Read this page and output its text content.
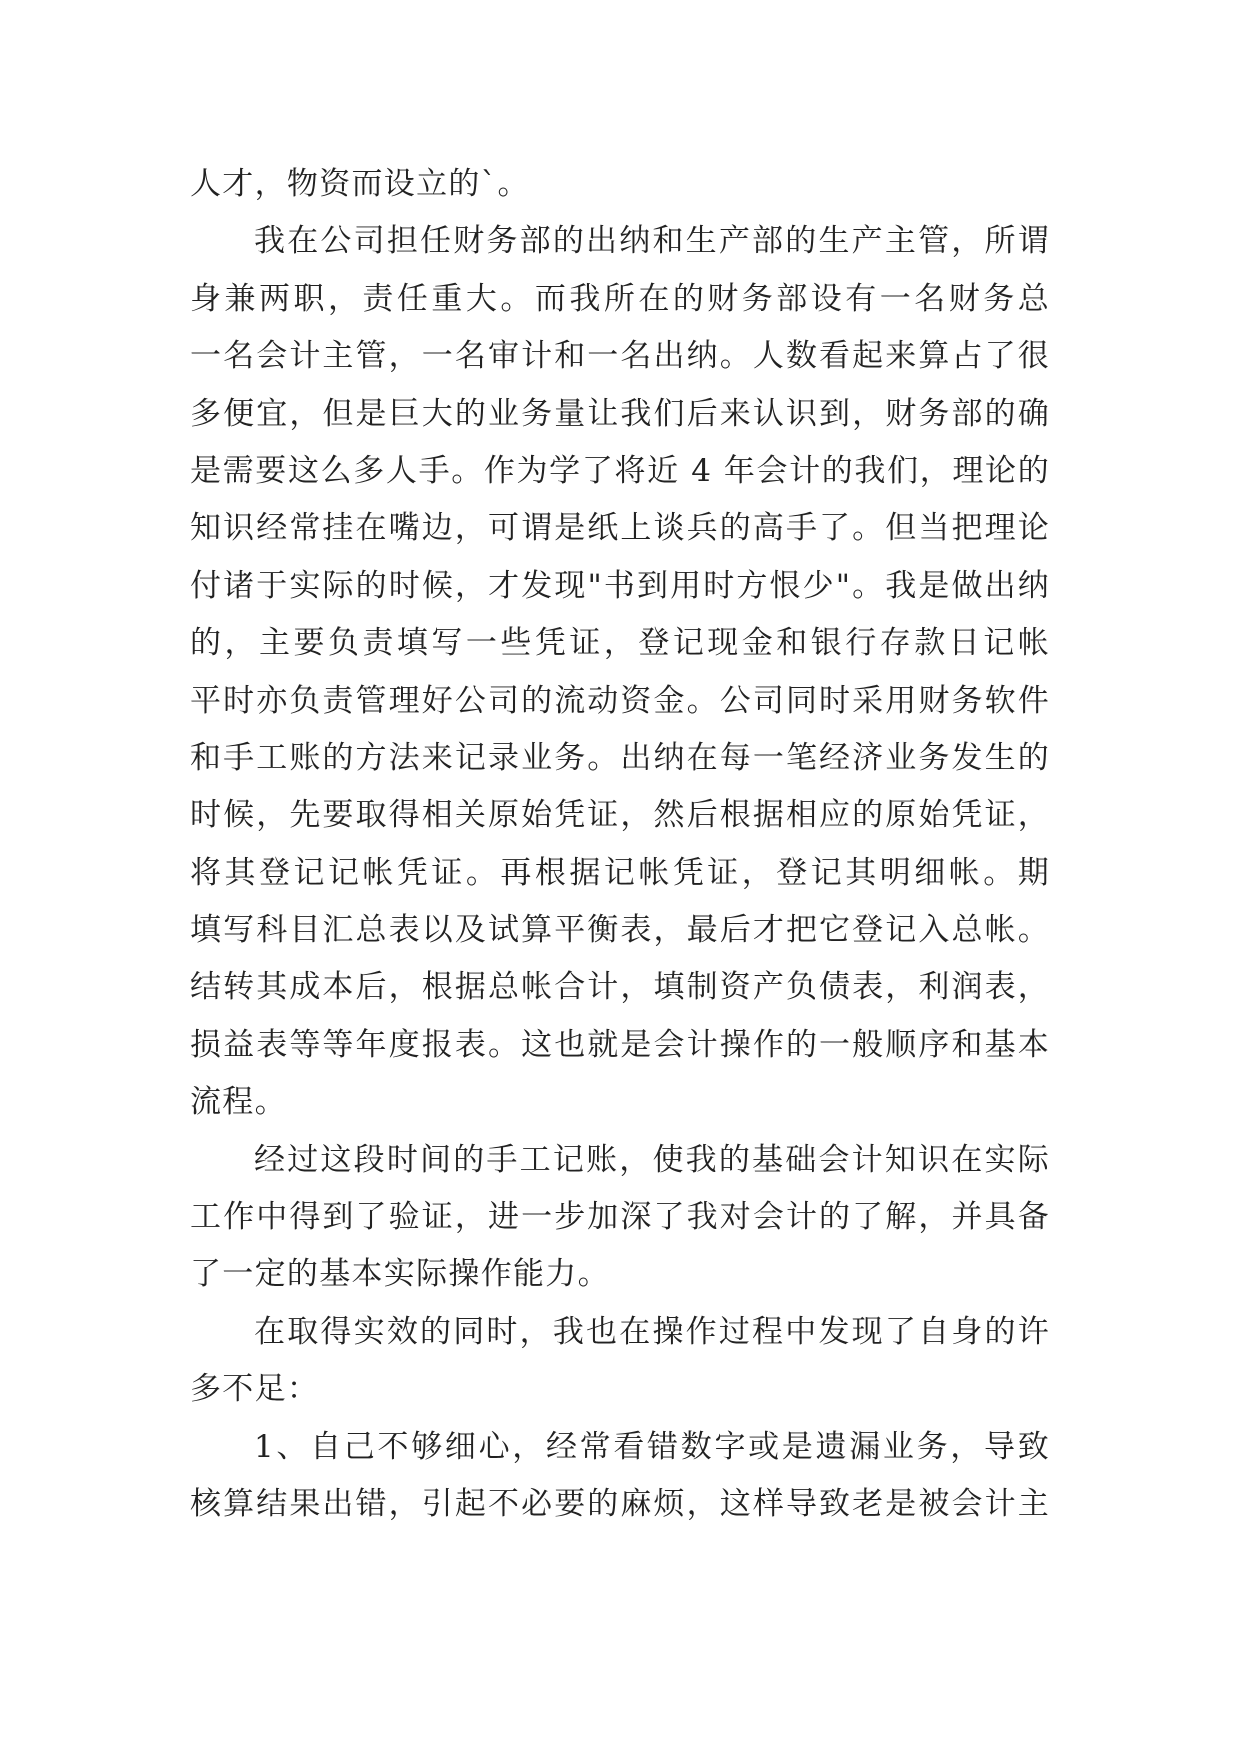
人才，物资而设立的`。
我在公司担任财务部的出纳和生产部的生产主管，所谓
身兼两职，责任重大。而我所在的财务部设有一名财务总
一名会计主管，一名审计和一名出纳。人数看起来算占了很
多便宜，但是巨大的业务量让我们后来认识到，财务部的确
是需要这么多人手。作为学了将近 4 年会计的我们，理论的
知识经常挂在嘴边，可谓是纸上谈兵的高手了。但当把理论
付诸于实际的时候，才发现"书到用时方恨少"。我是做出纳
的，主要负责填写一些凭证，登记现金和银行存款日记帐
平时亦负责管理好公司的流动资金。公司同时采用财务软件
和手工账的方法来记录业务。出纳在每一笔经济业务发生的
时候，先要取得相关原始凭证，然后根据相应的原始凭证，
将其登记记帐凭证。再根据记帐凭证，登记其明细帐。期
填写科目汇总表以及试算平衡表，最后才把它登记入总帐。
结转其成本后，根据总帐合计，填制资产负债表，利润表，
损益表等等年度报表。这也就是会计操作的一般顺序和基本
流程。
经过这段时间的手工记账，使我的基础会计知识在实际
工作中得到了验证，进一步加深了我对会计的了解，并具备
了一定的基本实际操作能力。
在取得实效的同时，我也在操作过程中发现了自身的许
多不足：
1、自己不够细心，经常看错数字或是遗漏业务，导致
核算结果出错，引起不必要的麻烦，这样导致老是被会计主
